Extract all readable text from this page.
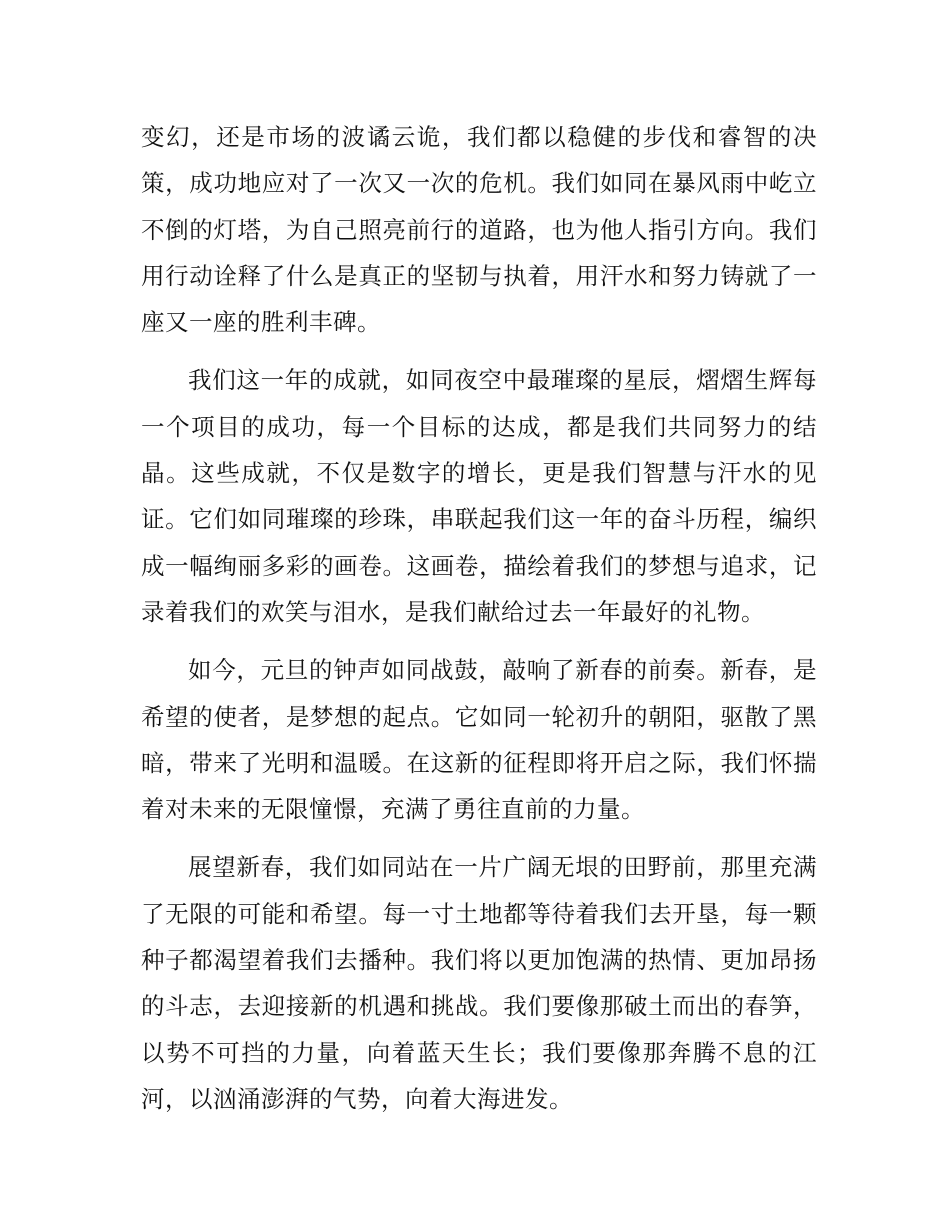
变幻，还是市场的波谲云诡，我们都以稳健的步伐和睿智的决策，成功地应对了一次又一次的危机。我们如同在暴风雨中屹立不倒的灯塔，为自己照亮前行的道路，也为他人指引方向。我们用行动诠释了什么是真正的坚韧与执着，用汗水和努力铸就了一座又一座的胜利丰碑。

我们这一年的成就，如同夜空中最璀璨的星辰，熠熠生辉每一个项目的成功，每一个目标的达成，都是我们共同努力的结晶。这些成就，不仅是数字的增长，更是我们智慧与汗水的见证。它们如同璀璨的珍珠，串联起我们这一年的奋斗历程，编织成一幅绚丽多彩的画卷。这画卷，描绘着我们的梦想与追求，记录着我们的欢笑与泪水，是我们献给过去一年最好的礼物。

如今，元旦的钟声如同战鼓，敲响了新春的前奏。新春，是希望的使者，是梦想的起点。它如同一轮初升的朝阳，驱散了黑暗，带来了光明和温暖。在这新的征程即将开启之际，我们怀揣着对未来的无限憧憬，充满了勇往直前的力量。

展望新春，我们如同站在一片广阔无垠的田野前，那里充满了无限的可能和希望。每一寸土地都等待着我们去开垦，每一颗种子都渴望着我们去播种。我们将以更加饱满的热情、更加昂扬的斗志，去迎接新的机遇和挑战。我们要像那破土而出的春笋，以势不可挡的力量，向着蓝天生长；我们要像那奔腾不息的江河，以汹涌澎湃的气势，向着大海进发。
